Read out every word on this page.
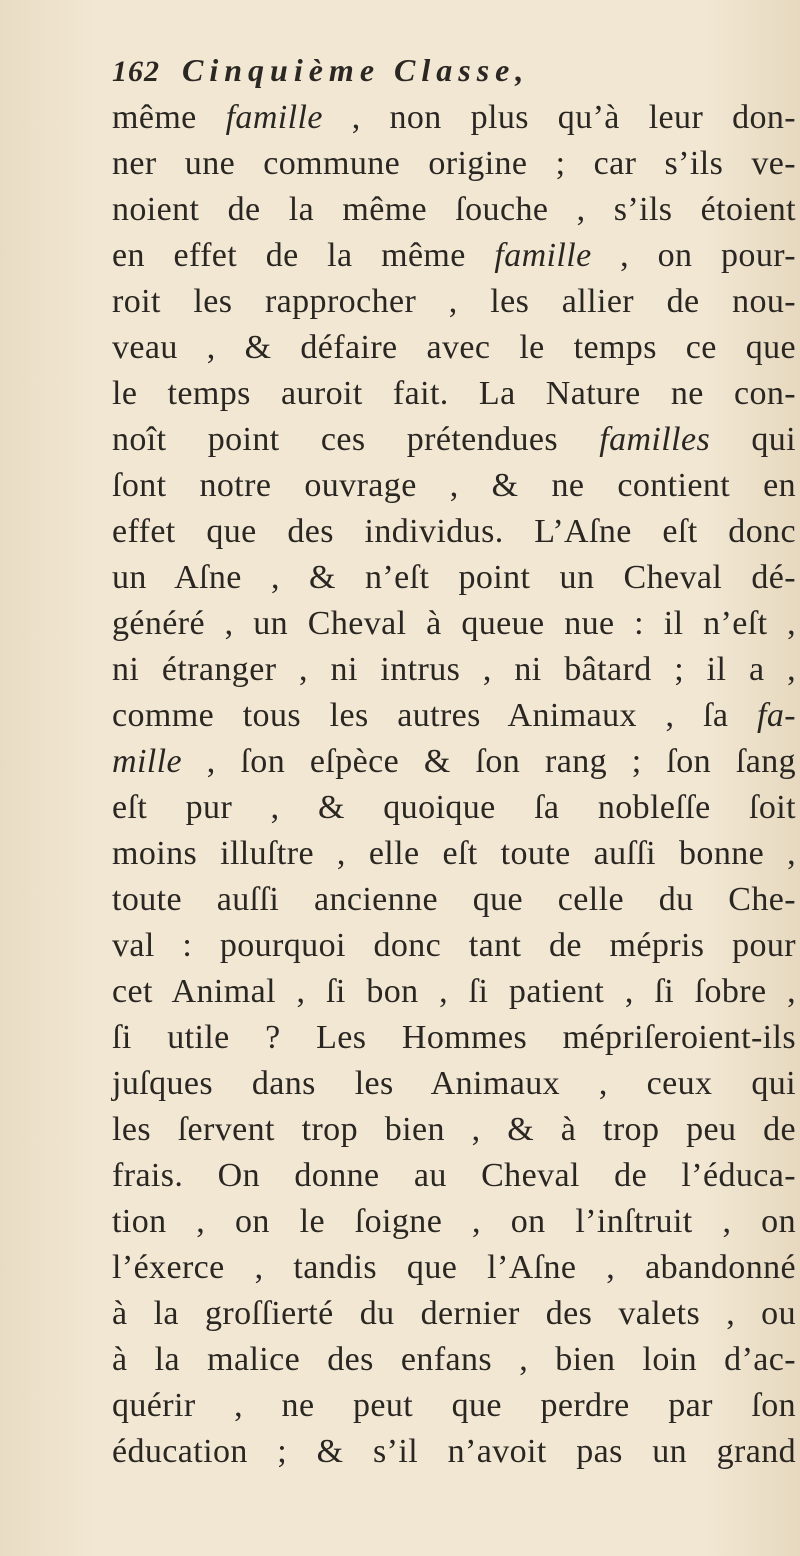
162 Cinquième Classe,
même famille , non plus qu’à leur don-
ner une commune origine ; car s’ils ve-
noient de la même ſouche , s’ils étoient
en effet de la même famille , on pour-
roit les rapprocher , les allier de nou-
veau , & défaire avec le temps ce que
le temps auroit fait. La Nature ne con-
noît point ces prétendues familles qui
ſont notre ouvrage , & ne contient en
effet que des individus. L’Aſne eſt donc
un Aſne , & n’eſt point un Cheval dé-
généré , un Cheval à queue nue : il n’eſt ,
ni étranger , ni intrus , ni bâtard ; il a ,
comme tous les autres Animaux , ſa fa-
mille , ſon eſpèce & ſon rang ; ſon ſang
eſt pur , & quoique ſa nobleſſe ſoit
moins illuſtre , elle eſt toute auſſi bonne ,
toute auſſi ancienne que celle du Che-
val : pourquoi donc tant de mépris pour
cet Animal , ſi bon , ſi patient , ſi ſobre ,
ſi utile ? Les Hommes mépriſeroient-ils
juſques dans les Animaux , ceux qui
les ſervent trop bien , & à trop peu de
frais. On donne au Cheval de l’éduca-
tion , on le ſoigne , on l’inſtruit , on
l’éxerce , tandis que l’Aſne , abandonné
à la groſſierté du dernier des valets , ou
à la malice des enfans , bien loin d’ac-
quérir , ne peut que perdre par ſon
éducation ; & s’il n’avoit pas un grand
